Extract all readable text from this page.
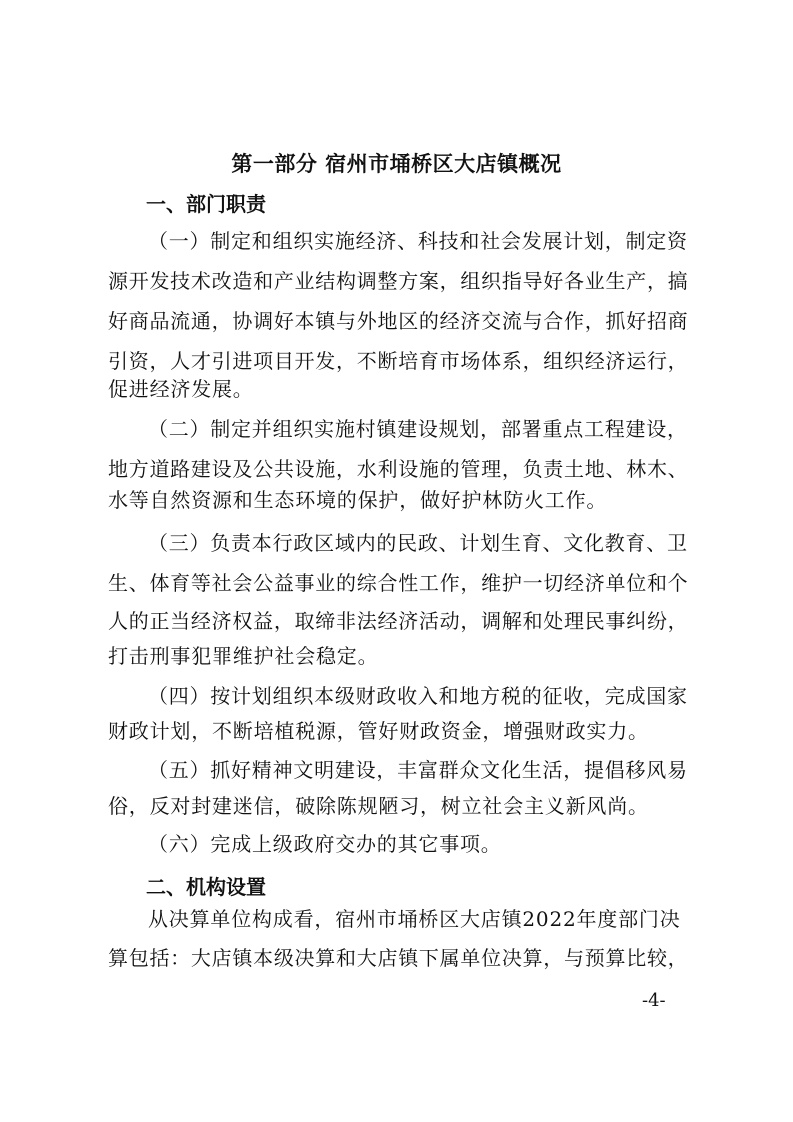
第一部分 宿州市埇桥区大店镇概况
一、部门职责
（一）制定和组织实施经济、科技和社会发展计划，制定资
源开发技术改造和产业结构调整方案，组织指导好各业生产，搞
好商品流通，协调好本镇与外地区的经济交流与合作，抓好招商
引资，人才引进项目开发，不断培育市场体系，组织经济运行，
促进经济发展。
（二）制定并组织实施村镇建设规划，部署重点工程建设，
地方道路建设及公共设施，水利设施的管理，负责土地、林木、
水等自然资源和生态环境的保护，做好护林防火工作。
（三）负责本行政区域内的民政、计划生育、文化教育、卫
生、体育等社会公益事业的综合性工作，维护一切经济单位和个
人的正当经济权益，取缔非法经济活动，调解和处理民事纠纷，
打击刑事犯罪维护社会稳定。
（四）按计划组织本级财政收入和地方税的征收，完成国家
财政计划，不断培植税源，管好财政资金，增强财政实力。
（五）抓好精神文明建设，丰富群众文化生活，提倡移风易
俗，反对封建迷信，破除陈规陋习，树立社会主义新风尚。
（六）完成上级政府交办的其它事项。
二、机构设置
从决算单位构成看，宿州市埇桥区大店镇2022年度部门决
算包括：大店镇本级决算和大店镇下属单位决算，与预算比较，
-4-
